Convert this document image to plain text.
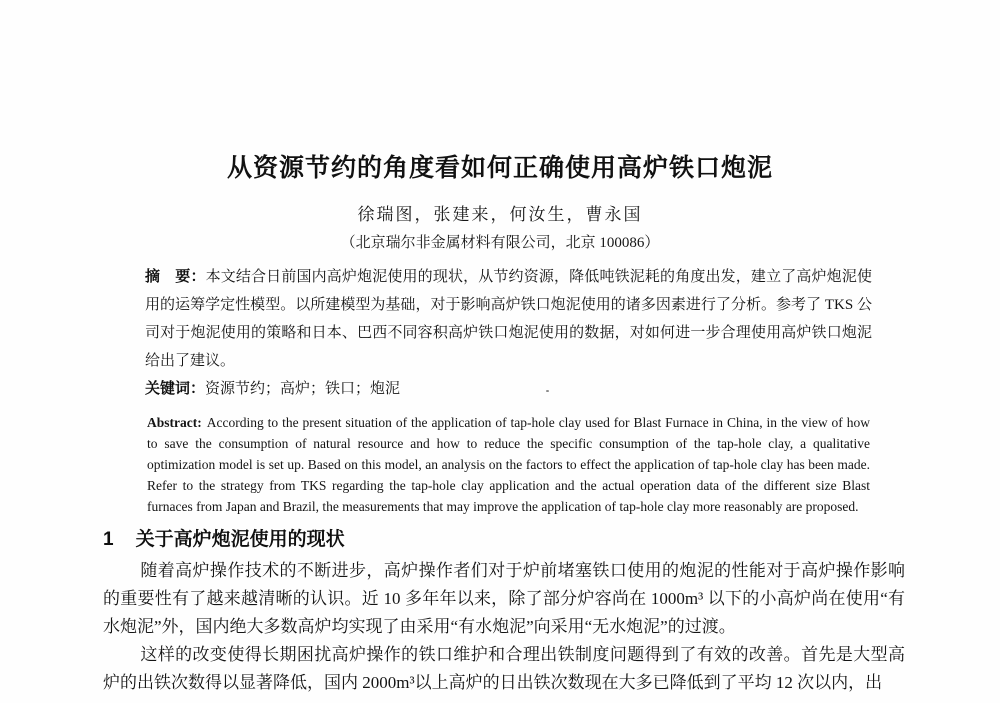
从资源节约的角度看如何正确使用高炉铁口炮泥
徐瑞图，张建来，何汝生，曹永国
（北京瑞尔非金属材料有限公司，北京 100086）

摘　要：本文结合日前国内高炉炮泥使用的现状，从节约资源，降低吨铁泥耗的角度出发，建立了高炉炮泥使用的运筹学定性模型。以所建模型为基础，对于影响高炉铁口炮泥使用的诸多因素进行了分析。参考了 TKS 公司对于炮泥使用的策略和日本、巴西不同容积高炉铁口炮泥使用的数据，对如何进一步合理使用高炉铁口炮泥给出了建议。

关键词：资源节约；高炉；铁口；炮泥

Abstract: According to the present situation of the application of tap-hole clay used for Blast Furnace in China, in the view of how to save the consumption of natural resource and how to reduce the specific consumption of the tap-hole clay, a qualitative optimization model is set up. Based on this model, an analysis on the factors to effect the application of tap-hole clay has been made. Refer to the strategy from TKS regarding the tap-hole clay application and the actual operation data of the different size Blast furnaces from Japan and Brazil, the measurements that may improve the application of tap-hole clay more reasonably are proposed.

1 关于高炉炮泥使用的现状

随着高炉操作技术的不断进步，高炉操作者们对于炉前堵塞铁口使用的炮泥的性能对于高炉操作影响的重要性有了越来越清晰的认识。近 10 多年年以来，除了部分炉容尚在 1000m³ 以下的小高炉尚在使用“有水炮泥”外，国内绝大多数高炉均实现了由采用“有水炮泥”向采用“无水炮泥”的过渡。

这样的改变使得长期困扰高炉操作的铁口维护和合理出铁制度问题得到了有效的改善。首先是大型高炉的出铁次数得以显著降低，国内 2000m³以上高炉的日出铁次数现在大多已降低到了平均 12 次以内，出
